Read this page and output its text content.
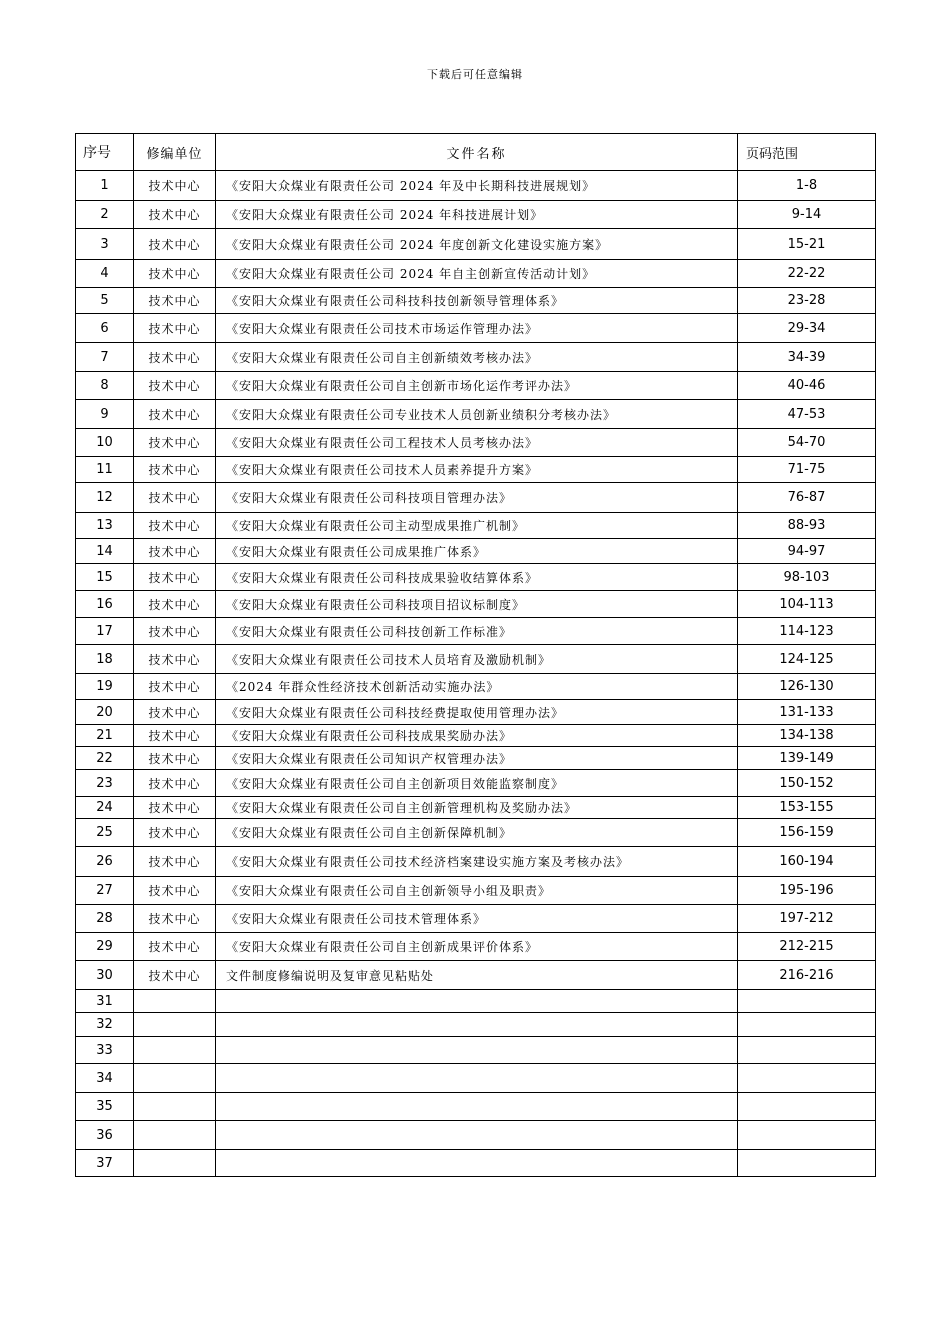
下载后可任意编辑
序号	修编单位	文件名称	页码范围
1	技术中心	《安阳大众煤业有限责任公司 2024 年及中长期科技进展规划》	1-8
2	技术中心	《安阳大众煤业有限责任公司 2024 年科技进展计划》	9-14
3	技术中心	《安阳大众煤业有限责任公司 2024 年度创新文化建设实施方案》	15-21
4	技术中心	《安阳大众煤业有限责任公司 2024 年自主创新宣传活动计划》	22-22
5	技术中心	《安阳大众煤业有限责任公司科技科技创新领导管理体系》	23-28
6	技术中心	《安阳大众煤业有限责任公司技术市场运作管理办法》	29-34
7	技术中心	《安阳大众煤业有限责任公司自主创新绩效考核办法》	34-39
8	技术中心	《安阳大众煤业有限责任公司自主创新市场化运作考评办法》	40-46
9	技术中心	《安阳大众煤业有限责任公司专业技术人员创新业绩积分考核办法》	47-53
10	技术中心	《安阳大众煤业有限责任公司工程技术人员考核办法》	54-70
11	技术中心	《安阳大众煤业有限责任公司技术人员素养提升方案》	71-75
12	技术中心	《安阳大众煤业有限责任公司科技项目管理办法》	76-87
13	技术中心	《安阳大众煤业有限责任公司主动型成果推广机制》	88-93
14	技术中心	《安阳大众煤业有限责任公司成果推广体系》	94-97
15	技术中心	《安阳大众煤业有限责任公司科技成果验收结算体系》	98-103
16	技术中心	《安阳大众煤业有限责任公司科技项目招议标制度》	104-113
17	技术中心	《安阳大众煤业有限责任公司科技创新工作标准》	114-123
18	技术中心	《安阳大众煤业有限责任公司技术人员培育及激励机制》	124-125
19	技术中心	《2024 年群众性经济技术创新活动实施办法》	126-130
20	技术中心	《安阳大众煤业有限责任公司科技经费提取使用管理办法》	131-133
21	技术中心	《安阳大众煤业有限责任公司科技成果奖励办法》	134-138
22	技术中心	《安阳大众煤业有限责任公司知识产权管理办法》	139-149
23	技术中心	《安阳大众煤业有限责任公司自主创新项目效能监察制度》	150-152
24	技术中心	《安阳大众煤业有限责任公司自主创新管理机构及奖励办法》	153-155
25	技术中心	《安阳大众煤业有限责任公司自主创新保障机制》	156-159
26	技术中心	《安阳大众煤业有限责任公司技术经济档案建设实施方案及考核办法》	160-194
27	技术中心	《安阳大众煤业有限责任公司自主创新领导小组及职责》	195-196
28	技术中心	《安阳大众煤业有限责任公司技术管理体系》	197-212
29	技术中心	《安阳大众煤业有限责任公司自主创新成果评价体系》	212-215
30	技术中心	文件制度修编说明及复审意见粘贴处	216-216
31			
32			
33			
34			
35			
36			
37			
